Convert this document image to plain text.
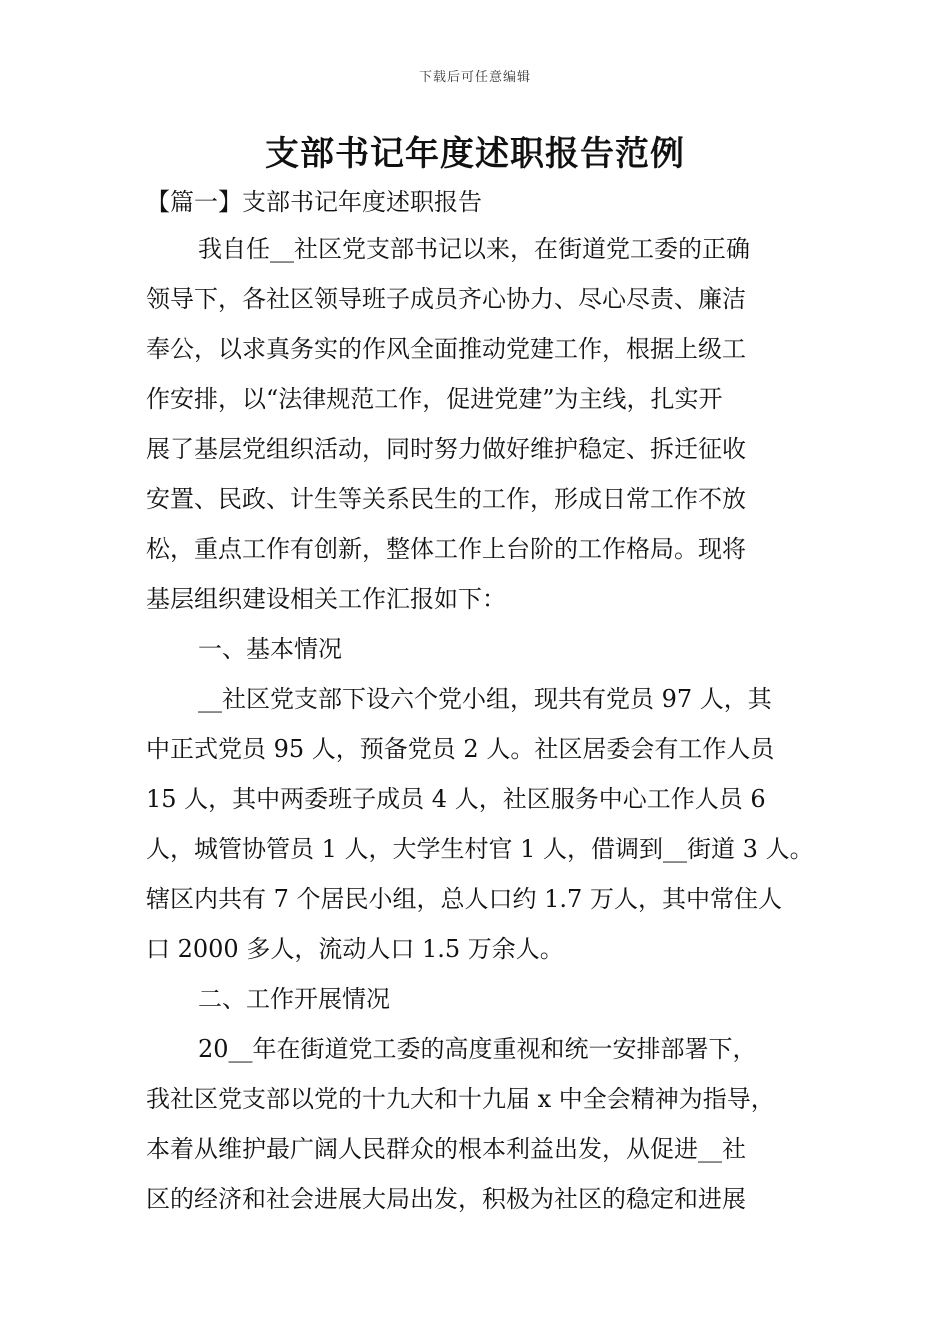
下载后可任意编辑
支部书记年度述职报告范例
【篇一】支部书记年度述职报告
我自任__社区党支部书记以来，在街道党工委的正确
领导下，各社区领导班子成员齐心协力、尽心尽责、廉洁
奉公，以求真务实的作风全面推动党建工作，根据上级工
作安排，以“法律规范工作，促进党建”为主线，扎实开
展了基层党组织活动，同时努力做好维护稳定、拆迁征收
安置、民政、计生等关系民生的工作，形成日常工作不放
松，重点工作有创新，整体工作上台阶的工作格局。现将
基层组织建设相关工作汇报如下：
一、基本情况
__社区党支部下设六个党小组，现共有党员 97 人，其
中正式党员 95 人，预备党员 2 人。社区居委会有工作人员
15 人，其中两委班子成员 4 人，社区服务中心工作人员 6
人，城管协管员 1 人，大学生村官 1 人，借调到__街道 3 人。
辖区内共有 7 个居民小组，总人口约 1.7 万人，其中常住人
口 2000 多人，流动人口 1.5 万余人。
二、工作开展情况
20__年在街道党工委的高度重视和统一安排部署下，
我社区党支部以党的十九大和十九届 x 中全会精神为指导，
本着从维护最广阔人民群众的根本利益出发，从促进__社
区的经济和社会进展大局出发，积极为社区的稳定和进展
